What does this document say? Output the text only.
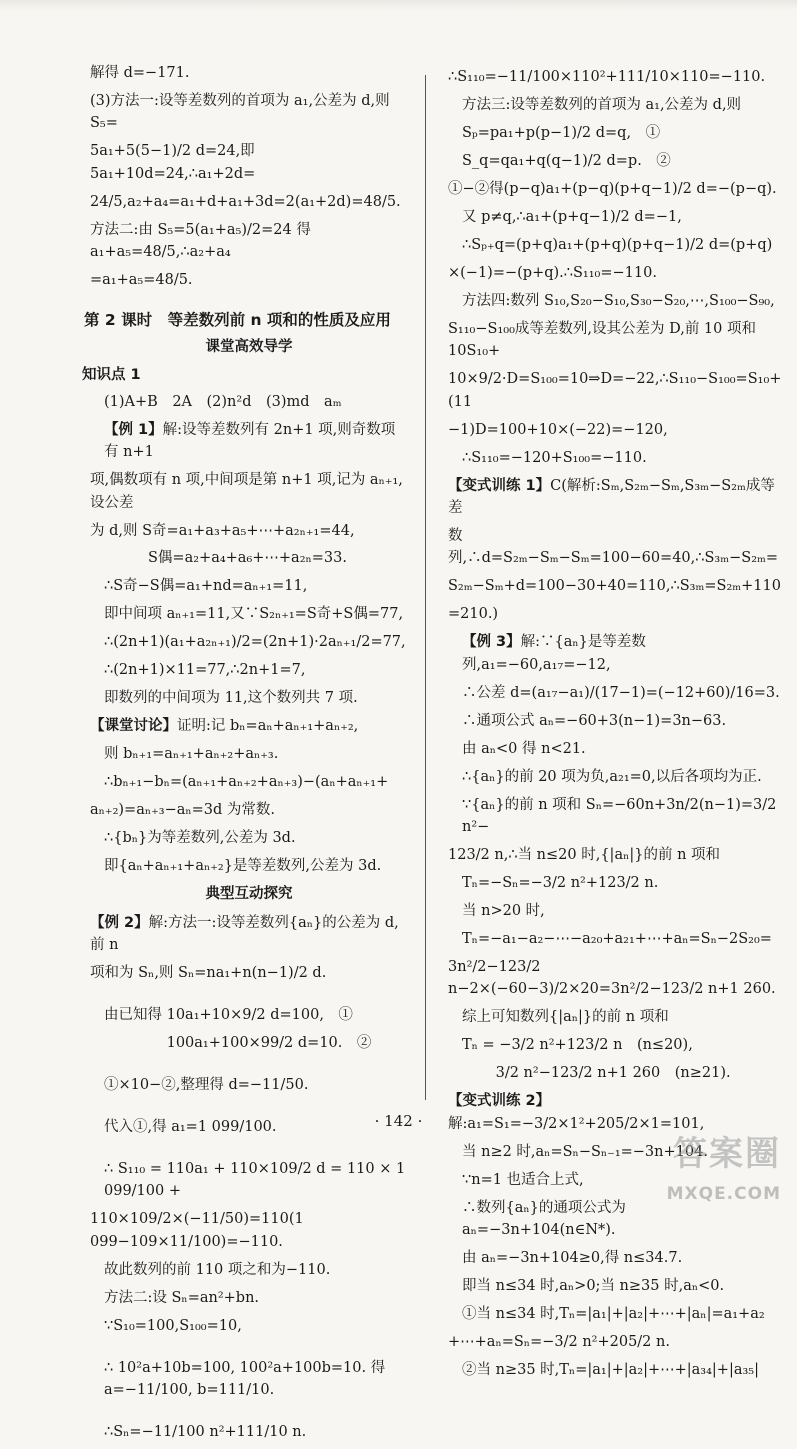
解得 d=−171.

(3)方法一:设等差数列的首项为 a₁,公差为 d,则 S₅=

5a₁+5(5−1)/2 d=24,即 5a₁+10d=24,∴a₁+2d=

24/5,a₂+a₄=a₁+d+a₁+3d=2(a₁+2d)=48/5.

方法二:由 S₅=5(a₁+a₅)/2=24 得 a₁+a₅=48/5,∴a₂+a₄

=a₁+a₅=48/5.

第 2 课时　等差数列前 n 项和的性质及应用
课堂高效导学
知识点 1

(1)A+B　2A　(2)n²d　(3)md　aₘ

【例 1】解:设等差数列有 2n+1 项,则奇数项有 n+1

项,偶数项有 n 项,中间项是第 n+1 项,记为 aₙ₊₁,设公差

为 d,则 S奇=a₁+a₃+a₅+⋯+a₂ₙ₊₁=44,

　　　　S偶=a₂+a₄+a₆+⋯+a₂ₙ=33.

∴S奇−S偶=a₁+nd=aₙ₊₁=11,

即中间项 aₙ₊₁=11,又∵S₂ₙ₊₁=S奇+S偶=77,

∴(2n+1)(a₁+a₂ₙ₊₁)/2=(2n+1)·2aₙ₊₁/2=77,

∴(2n+1)×11=77,∴2n+1=7,

即数列的中间项为 11,这个数列共 7 项.

【课堂讨论】证明:记 bₙ=aₙ+aₙ₊₁+aₙ₊₂,

则 bₙ₊₁=aₙ₊₁+aₙ₊₂+aₙ₊₃.

∴bₙ₊₁−bₙ=(aₙ₊₁+aₙ₊₂+aₙ₊₃)−(aₙ+aₙ₊₁+

aₙ₊₂)=aₙ₊₃−aₙ=3d 为常数.

∴{bₙ}为等差数列,公差为 3d.

即{aₙ+aₙ₊₁+aₙ₊₂}是等差数列,公差为 3d.

典型互动探究

【例 2】解:方法一:设等差数列{aₙ}的公差为 d,前 n

项和为 Sₙ,则 Sₙ=na₁+n(n−1)/2 d.

由已知得 10a₁+10×9/2 d=100,　①

　　　　 100a₁+100×99/2 d=10.　②

①×10−②,整理得 d=−11/50.

代入①,得 a₁=1 099/100.

∴ S₁₁₀ = 110a₁ + 110×109/2 d = 110 × 1 099/100 +

110×109/2×(−11/50)=110(1 099−109×11/100)=−110.

故此数列的前 110 项之和为−110.

方法二:设 Sₙ=an²+bn.

∵S₁₀=100,S₁₀₀=10,

∴ 10²a+10b=100, 100²a+100b=10. 得 a=−11/100, b=111/10.

∴Sₙ=−11/100 n²+111/10 n.

∴S₁₁₀=−11/100×110²+111/10×110=−110.

方法三:设等差数列的首项为 a₁,公差为 d,则

Sₚ=pa₁+p(p−1)/2 d=q,　①

S_q=qa₁+q(q−1)/2 d=p.　②

①−②得(p−q)a₁+(p−q)(p+q−1)/2 d=−(p−q).

又 p≠q,∴a₁+(p+q−1)/2 d=−1,

∴Sₚ₊q=(p+q)a₁+(p+q)(p+q−1)/2 d=(p+q)

×(−1)=−(p+q).∴S₁₁₀=−110.

方法四:数列 S₁₀,S₂₀−S₁₀,S₃₀−S₂₀,⋯,S₁₀₀−S₉₀,

S₁₁₀−S₁₀₀成等差数列,设其公差为 D,前 10 项和 10S₁₀+

10×9/2·D=S₁₀₀=10⇒D=−22,∴S₁₁₀−S₁₀₀=S₁₀+(11

−1)D=100+10×(−22)=−120,

∴S₁₁₀=−120+S₁₀₀=−110.

【变式训练 1】C(解析:Sₘ,S₂ₘ−Sₘ,S₃ₘ−S₂ₘ成等差

数列,∴d=S₂ₘ−Sₘ−Sₘ=100−60=40,∴S₃ₘ−S₂ₘ=

S₂ₘ−Sₘ+d=100−30+40=110,∴S₃ₘ=S₂ₘ+110

=210.)

【例 3】解:∵{aₙ}是等差数列,a₁=−60,a₁₇=−12,

∴公差 d=(a₁₇−a₁)/(17−1)=(−12+60)/16=3.

∴通项公式 aₙ=−60+3(n−1)=3n−63.

由 aₙ<0 得 n<21.

∴{aₙ}的前 20 项为负,a₂₁=0,以后各项均为正.

∵{aₙ}的前 n 项和 Sₙ=−60n+3n/2(n−1)=3/2 n²−

123/2 n,∴当 n≤20 时,{|aₙ|}的前 n 项和

Tₙ=−Sₙ=−3/2 n²+123/2 n.

当 n>20 时,

Tₙ=−a₁−a₂−⋯−a₂₀+a₂₁+⋯+aₙ=Sₙ−2S₂₀=

3n²/2−123/2 n−2×(−60−3)/2×20=3n²/2−123/2 n+1 260.

综上可知数列{|aₙ|}的前 n 项和

Tₙ = −3/2 n²+123/2 n　(n≤20),

　　 3/2 n²−123/2 n+1 260　(n≥21).

【变式训练 2】解:a₁=S₁=−3/2×1²+205/2×1=101,

当 n≥2 时,aₙ=Sₙ−Sₙ₋₁=−3n+104.

∵n=1 也适合上式,

∴数列{aₙ}的通项公式为 aₙ=−3n+104(n∈N*).

由 aₙ=−3n+104≥0,得 n≤34.7.

即当 n≤34 时,aₙ>0;当 n≥35 时,aₙ<0.

①当 n≤34 时,Tₙ=|a₁|+|a₂|+⋯+|aₙ|=a₁+a₂

+⋯+aₙ=Sₙ=−3/2 n²+205/2 n.

②当 n≥35 时,Tₙ=|a₁|+|a₂|+⋯+|a₃₄|+|a₃₅|

· 142 ·
答案圈
MXQE.COM
